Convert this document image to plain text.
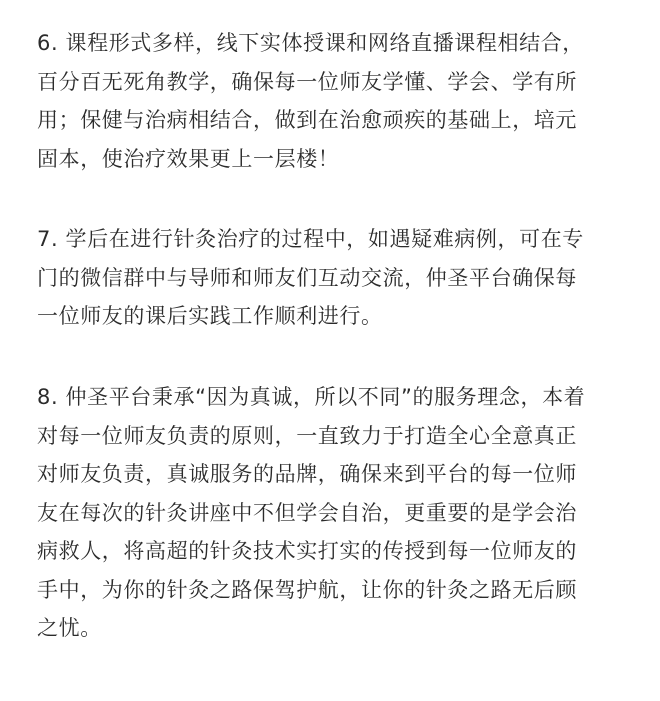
6. 课程形式多样，线下实体授课和网络直播课程相结合，
百分百无死角教学，确保每一位师友学懂、学会、学有所
用；保健与治病相结合，做到在治愈顽疾的基础上，培元
固本，使治疗效果更上一层楼！

7. 学后在进行针灸治疗的过程中，如遇疑难病例，可在专
门的微信群中与导师和师友们互动交流，仲圣平台确保每
一位师友的课后实践工作顺利进行。

8. 仲圣平台秉承“因为真诚，所以不同”的服务理念，本着
对每一位师友负责的原则，一直致力于打造全心全意真正
对师友负责，真诚服务的品牌，确保来到平台的每一位师
友在每次的针灸讲座中不但学会自治，更重要的是学会治
病救人，将高超的针灸技术实打实的传授到每一位师友的
手中，为你的针灸之路保驾护航，让你的针灸之路无后顾
之忧。
